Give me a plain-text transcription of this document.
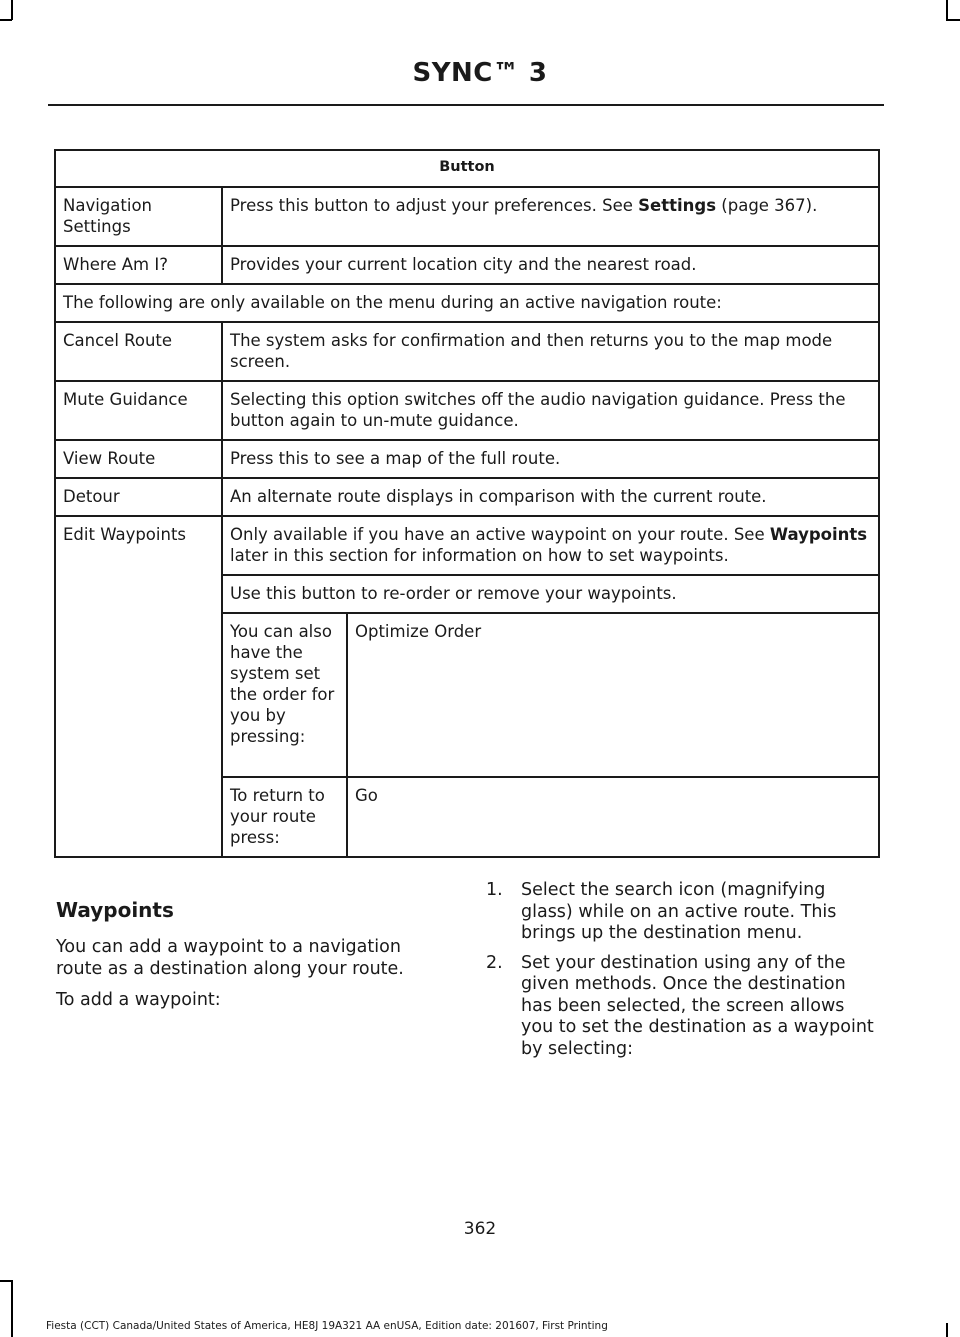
SYNC™ 3
Button		
Navigation Settings	Press this button to adjust your preferences. See Settings (page 367).	
Where Am I?	Provides your current location city and the nearest road.	
The following are only available on the menu during an active navigation route:		
Cancel Route	The system asks for confirmation and then returns you to the map mode screen.	
Mute Guidance	Selecting this option switches off the audio navigation guidance. Press the button again to un-mute guidance.	
View Route	Press this to see a map of the full route.	
Detour	An alternate route displays in comparison with the current route.	
Edit Waypoints	Only available if you have an active waypoint on your route. See Waypoints later in this section for information on how to set waypoints.	
	Use this button to re-order or remove your waypoints.	
	You can also have the system set the order for you by pressing:	Optimize Order
	To return to your route press:	Go
Waypoints
You can add a waypoint to a navigation route as a destination along your route.
To add a waypoint:
1. Select the search icon (magnifying glass) while on an active route. This brings up the destination menu.
2. Set your destination using any of the given methods. Once the destination has been selected, the screen allows you to set the destination as a waypoint by selecting:
362
Fiesta (CCT) Canada/United States of America, HE8J 19A321 AA enUSA, Edition date: 201607, First Printing
